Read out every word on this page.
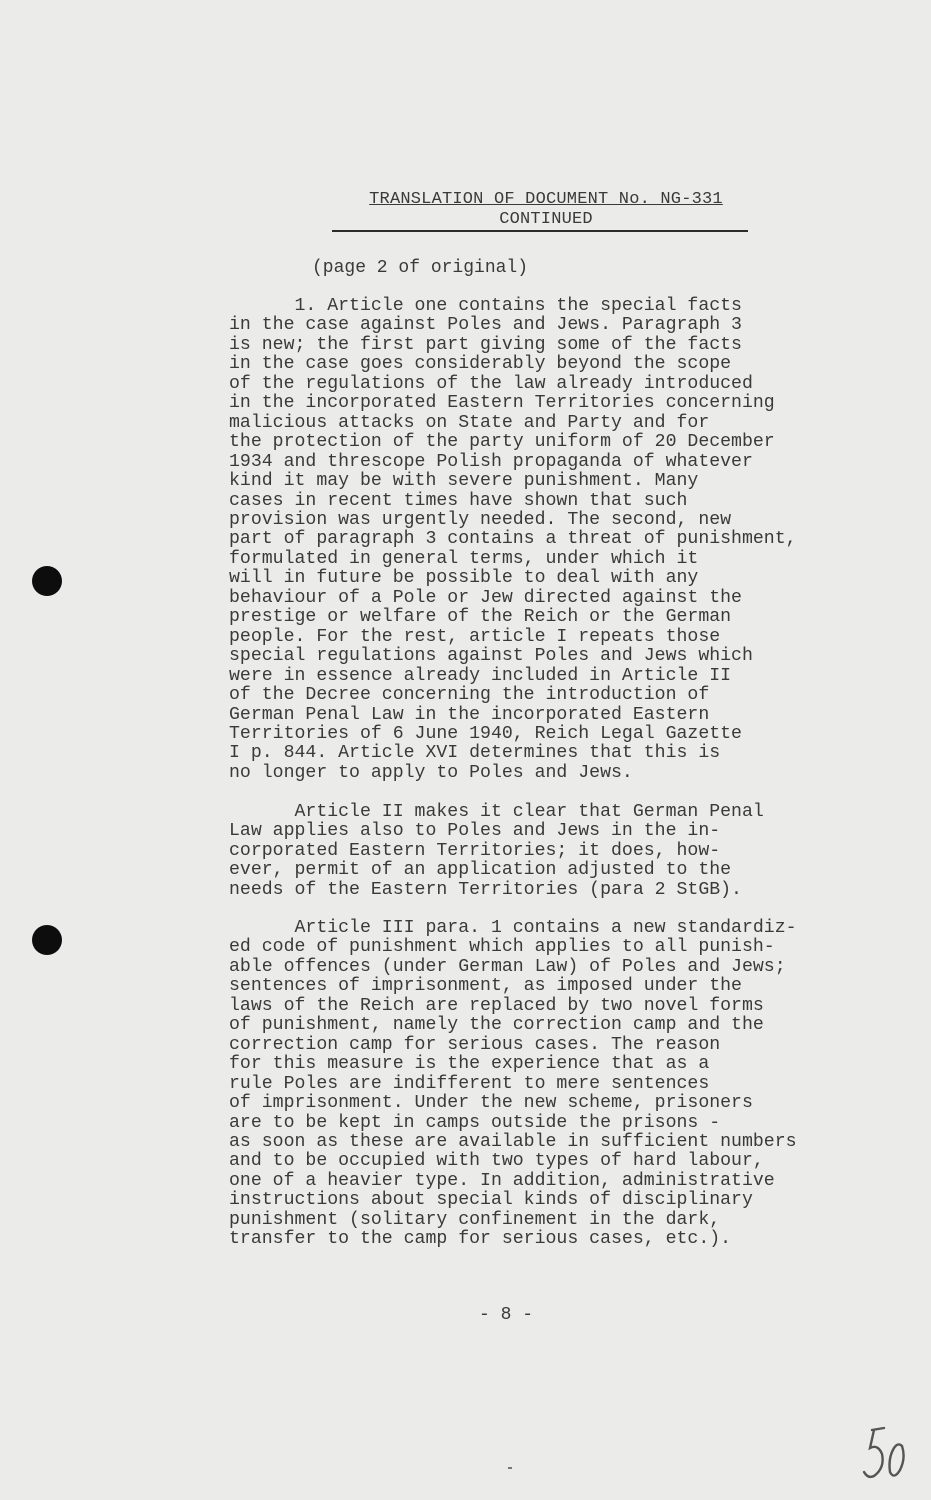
TRANSLATION OF DOCUMENT No. NG-331
CONTINUED
(page 2 of original)
1. Article one contains the special facts
in the case against Poles and Jews. Paragraph 3
is new; the first part giving some of the facts
in the case goes considerably beyond the scope
of the regulations of the law already introduced
in the incorporated Eastern Territories concerning
malicious attacks on State and Party and for
the protection of the party uniform of 20 December
1934 and threscope Polish propaganda of whatever
kind it may be with severe punishment. Many
cases in recent times have shown that such
provision was urgently needed. The second, new
part of paragraph 3 contains a threat of punishment,
formulated in general terms, under which it
will in future be possible to deal with any
behaviour of a Pole or Jew directed against the
prestige or welfare of the Reich or the German
people. For the rest, article I repeats those
special regulations against Poles and Jews which
were in essence already included in Article II
of the Decree concerning the introduction of
German Penal Law in the incorporated Eastern
Territories of 6 June 1940, Reich Legal Gazette
I p. 844. Article XVI determines that this is
no longer to apply to Poles and Jews.
Article II makes it clear that German Penal
Law applies also to Poles and Jews in the in-
corporated Eastern Territories; it does, how-
ever, permit of an application adjusted to the
needs of the Eastern Territories (para 2 StGB).
Article III para. 1 contains a new standardiz-
ed code of punishment which applies to all punish-
able offences (under German Law) of Poles and Jews;
sentences of imprisonment, as imposed under the
laws of the Reich are replaced by two novel forms
of punishment, namely the correction camp and the
correction camp for serious cases. The reason
for this measure is the experience that as a
rule Poles are indifferent to mere sentences
of imprisonment. Under the new scheme, prisoners
are to be kept in camps outside the prisons -
as soon as these are available in sufficient numbers
and to be occupied with two types of hard labour,
one of a heavier type. In addition, administrative
instructions about special kinds of disciplinary
punishment (solitary confinement in the dark,
transfer to the camp for serious cases, etc.).
- 8 -
